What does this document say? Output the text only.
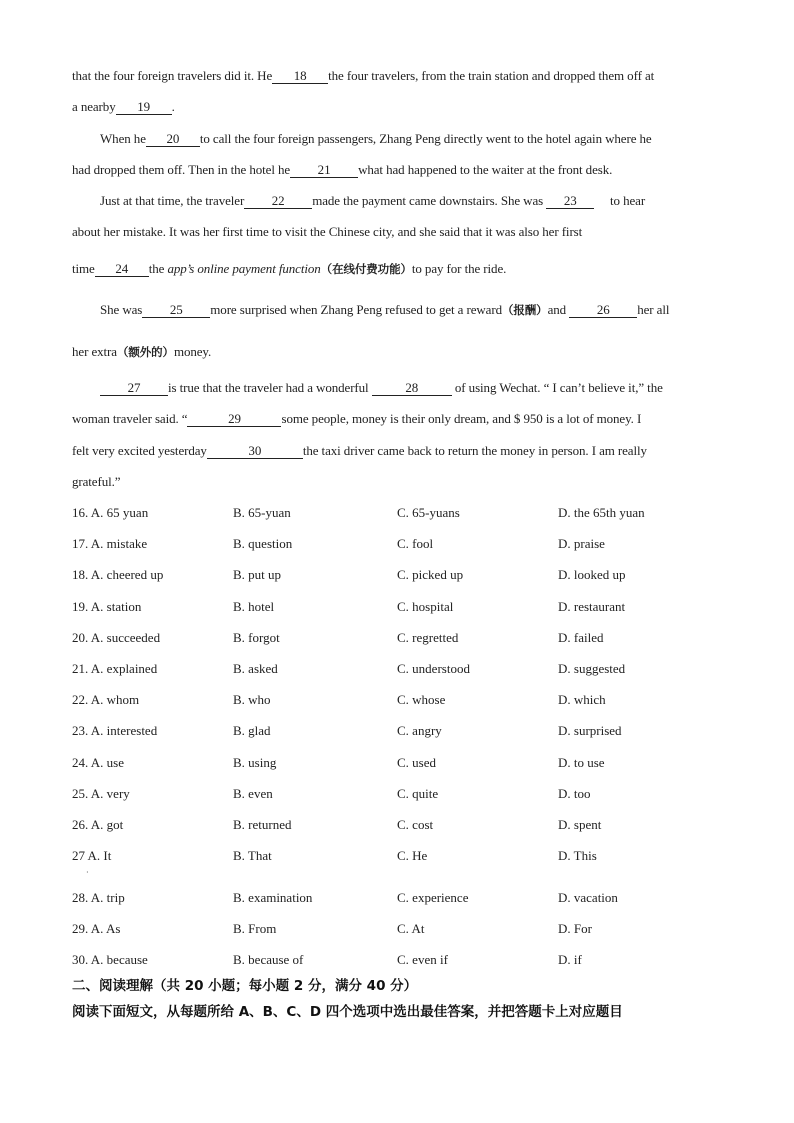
that the four foreign travelers did it. He 18 the four travelers, from the train station and dropped them off at
a nearby 19 .
When he 20 to call the four foreign passengers, Zhang Peng directly went to the hotel again where he
had dropped them off. Then in the hotel he 21 what had happened to the waiter at the front desk.
Just at that time, the traveler 22 made the payment came downstairs. She was 23	to hear
about her mistake. It was her first time to visit the Chinese city, and she said that it was also her first
time 24 the app’s online payment function（在线付费功能）to pay for the ride.
She was 25 more surprised when Zhang Peng refused to get a reward（报酬）and 26 her all
her extra（额外的）money.
27 is true that the traveler had a wonderful	28	of using Wechat. “ I can’t believe it,” the
woman traveler said. “	29	some people, money is their only dream, and $ 950 is a lot of money. I
felt very excited yesterday	30	the taxi driver came back to return the money in person. I am really
grateful.”
16. A. 65 yuan	B. 65-yuan	C. 65-yuans	D. the 65th yuan
17. A. mistake	B. question	C. fool	D. praise
18. A. cheered up	B. put up	C. picked up	D. looked up
19. A. station	B. hotel	C. hospital	D. restaurant
20. A. succeeded	B. forgot	C. regretted	D. failed
21. A. explained	B. asked	C. understood	D. suggested
22. A. whom	B. who	C. whose	D. which
23. A. interested	B. glad	C. angry	D. surprised
24. A. use	B. using	C. used	D. to use
25. A. very	B. even	C. quite	D. too
26. A. got	B. returned	C. cost	D. spent
27 A. It	B. That	C. He	D. This
·
28. A. trip	B. examination	C. experience	D. vacation
29. A. As	B. From	C. At	D. For
30. A. because	B. because of	C. even if	D. if
二、阅读理解（共 20 小题；每小题 2 分，满分 40 分）
阅读下面短文，从每题所给 A、B、C、D 四个选项中选出最佳答案，并把答题卡上对应题目
